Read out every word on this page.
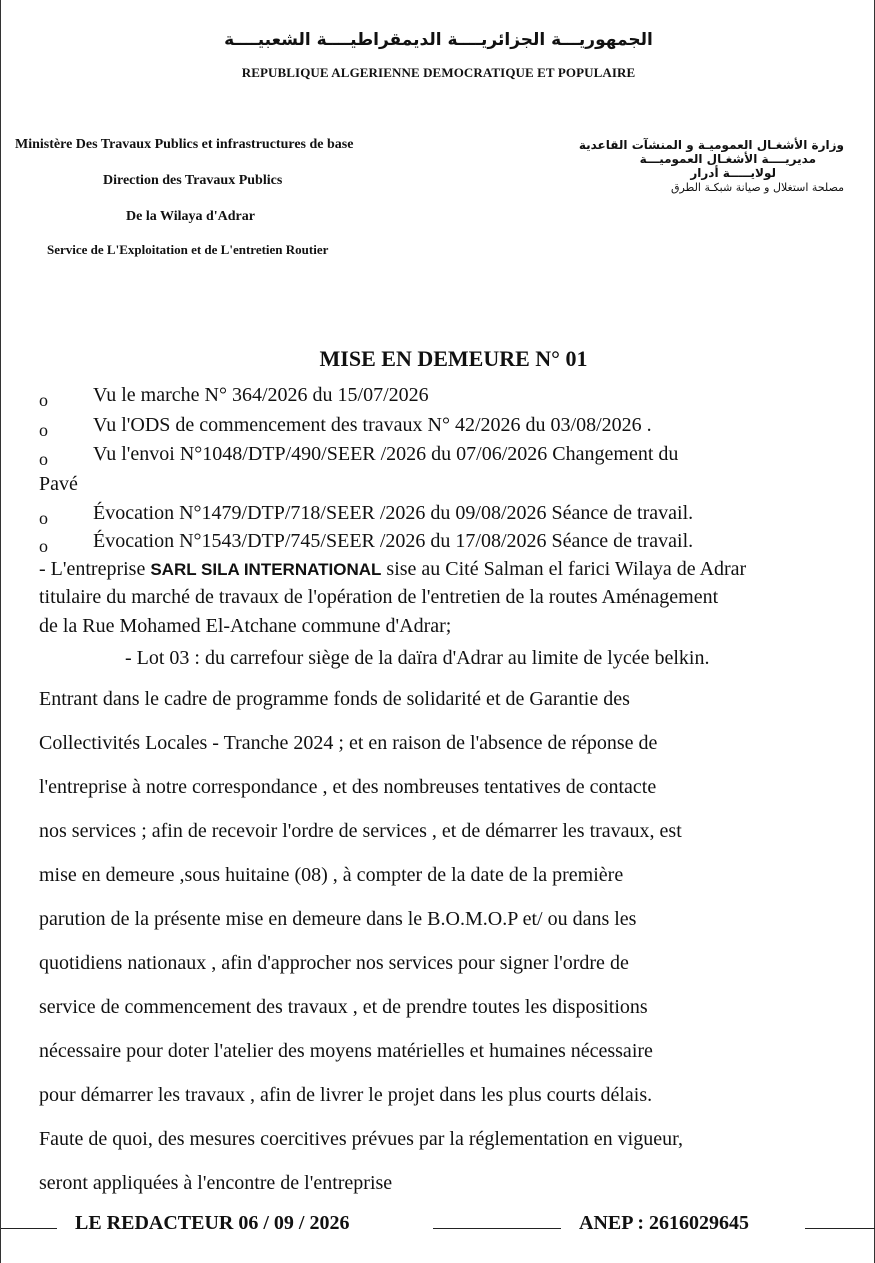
الجمهوريـــة الجزائريــــة الديمقراطيــــة الشعبيــــة
REPUBLIQUE ALGERIENNE DEMOCRATIQUE ET POPULAIRE
Ministère Des Travaux Publics et infrastructures de base
Direction des Travaux Publics
De la Wilaya d'Adrar
Service de L'Exploitation et de L'entretien Routier
وزارة الأشغـال العموميـة و المنشآت القاعدية
مديريــــة الأشغـال العموميـــة
لولايـــــة أدرار
مصلحة استغلال و صيانة شبكـة الطرق
MISE EN DEMEURE N° 01
o Vu le marche N° 364/2026 du 15/07/2026
o Vu l'ODS de commencement des travaux N° 42/2026 du 03/08/2026 .
o Vu l'envoi N°1048/DTP/490/SEER /2026 du 07/06/2026 Changement du
Pavé
o Évocation N°1479/DTP/718/SEER /2026 du 09/08/2026 Séance de travail.
o Évocation N°1543/DTP/745/SEER /2026 du 17/08/2026 Séance de travail.
- L'entreprise SARL SILA INTERNATIONAL sise au Cité Salman el farici Wilaya de Adrar
titulaire du marché de travaux de l'opération de l'entretien de la routes Aménagement
de la Rue Mohamed El-Atchane commune d'Adrar;
- Lot 03 : du carrefour siège de la daïra d'Adrar au limite de lycée belkin.
Entrant dans le cadre de programme fonds de solidarité et de Garantie des
Collectivités Locales - Tranche 2024 ; et en raison de l'absence de réponse de
l'entreprise à notre correspondance , et des nombreuses tentatives de contacte
nos services ; afin de recevoir l'ordre de services , et de démarrer les travaux, est
mise en demeure ,sous huitaine (08) , à compter de la date de la première
parution de la présente mise en demeure dans le B.O.M.O.P et/ ou dans les
quotidiens nationaux , afin d'approcher nos services pour signer l'ordre de
service de commencement des travaux , et de prendre toutes les dispositions
nécessaire pour doter l'atelier des moyens matérielles et humaines nécessaire
pour démarrer les travaux , afin de livrer le projet dans les plus courts délais.
Faute de quoi, des mesures coercitives prévues par la réglementation en vigueur,
seront appliquées à l'encontre de l'entreprise
LE REDACTEUR 06 / 09 / 2026	ANEP : 2616029645
